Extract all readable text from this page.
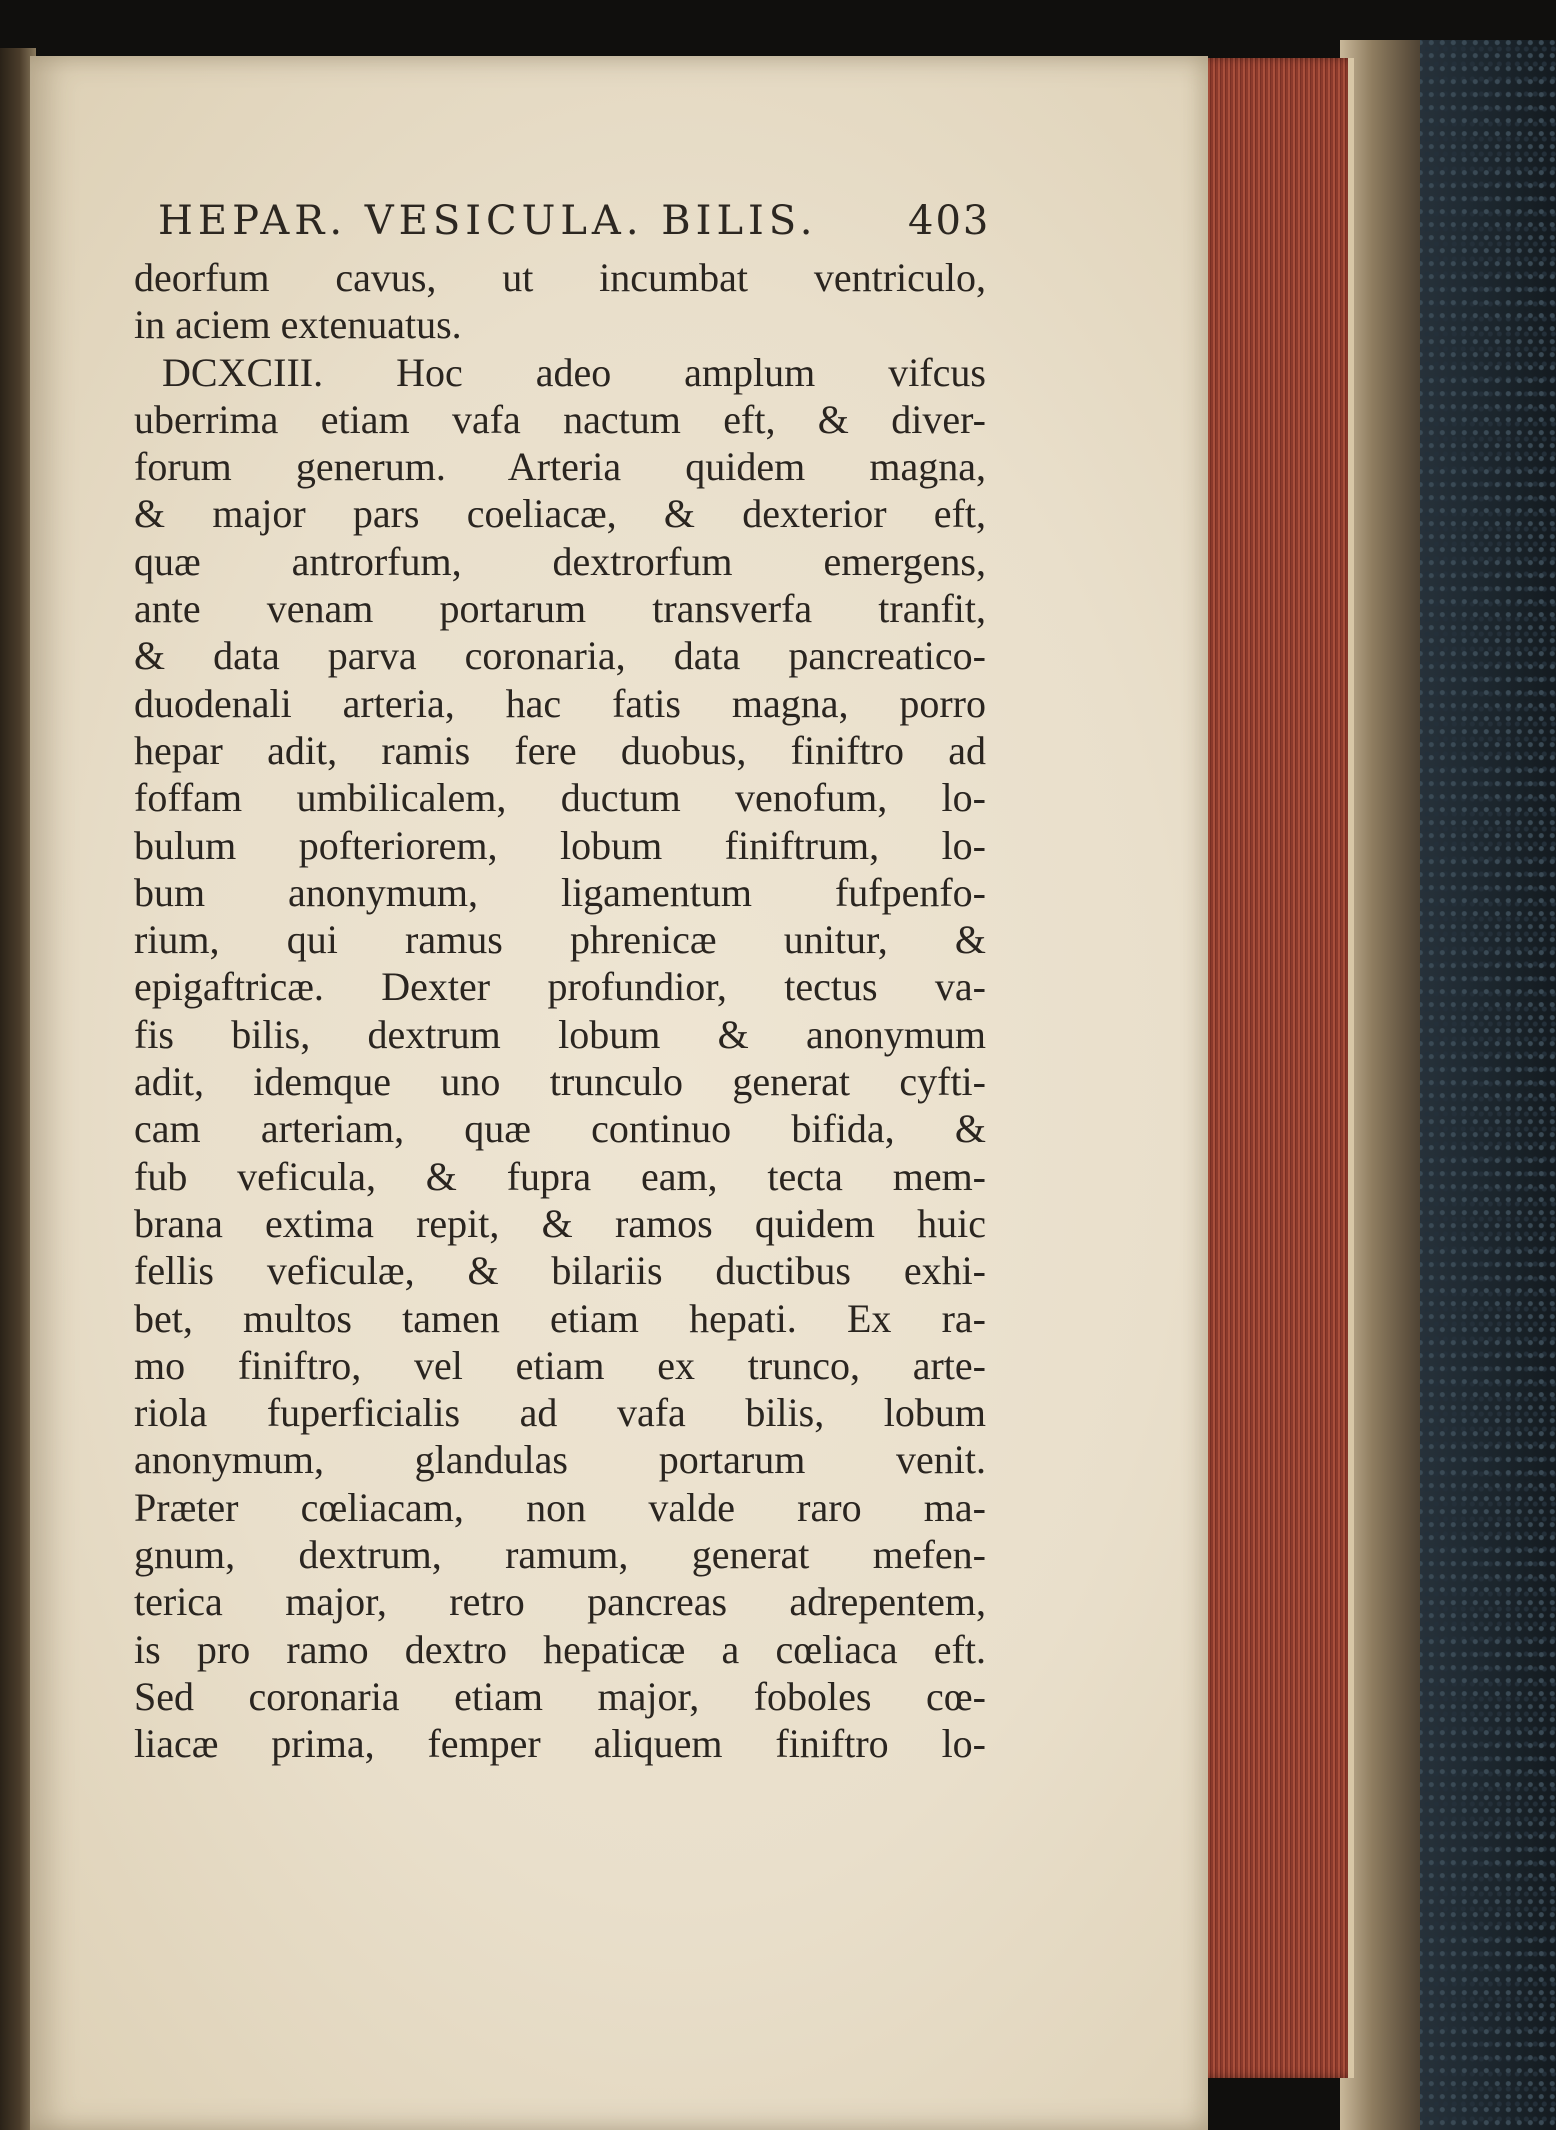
HEPAR. VESICULA. BILIS.	403
deorfum cavus, ut incumbat ventriculo,
in aciem extenuatus.
DCXCIII. Hoc adeo amplum vifcus
uberrima etiam vafa nactum eft, & diver-
forum generum. Arteria quidem magna,
& major pars coeliacæ, & dexterior eft,
quæ antrorfum, dextrorfum emergens,
ante venam portarum transverfa tranfit,
& data parva coronaria, data pancreatico-
duodenali arteria, hac fatis magna, porro
hepar adit, ramis fere duobus, finiftro ad
foffam umbilicalem, ductum venofum, lo-
bulum pofteriorem, lobum finiftrum, lo-
bum anonymum, ligamentum fufpenfo-
rium, qui ramus phrenicæ unitur, &
epigaftricæ. Dexter profundior, tectus va-
fis bilis, dextrum lobum & anonymum
adit, idemque uno trunculo generat cyfti-
cam arteriam, quæ continuo bifida, &
fub veficula, & fupra eam, tecta mem-
brana extima repit, & ramos quidem huic
fellis veficulæ, & bilariis ductibus exhi-
bet, multos tamen etiam hepati. Ex ra-
mo finiftro, vel etiam ex trunco, arte-
riola fuperficialis ad vafa bilis, lobum
anonymum, glandulas portarum venit.
Præter cœliacam, non valde raro ma-
gnum, dextrum, ramum, generat mefen-
terica major, retro pancreas adrepentem,
is pro ramo dextro hepaticæ a cœliaca eft.
Sed coronaria etiam major, foboles cœ-
liacæ prima, femper aliquem finiftro lo-
